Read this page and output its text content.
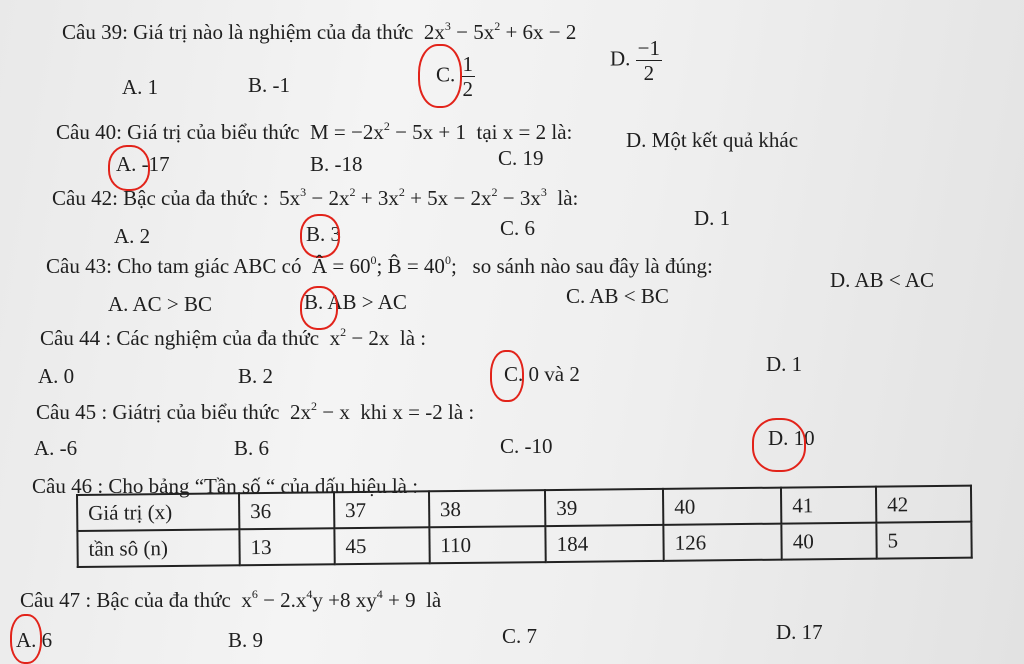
Câu 39: Giá trị nào là nghiệm của đa thức  $2x^3 - 5x^2 + 6x - 2$
A. 1	B. -1	C. $\frac{1}{2}$	D. $\frac{-1}{2}$
Câu 40: Giá trị của biểu thức  $M = -2x^2 - 5x + 1$  tại x = 2 là:
A. -17	B. -18	C. 19
D. Một kết quả khác
Câu 42: Bậc của đa thức :  $5x^3 - 2x^2 + 3x^2 + 5x - 2x^2 - 3x^3$ là:
A. 2	B. 3	C. 6	D. 1
Câu 43: Cho tam giác ABC có  Â = $60^0$; B̂ = $40^0$;   so sánh nào sau đây là đúng:
A. AC > BC	B. AB > AC	C. AB < BC
D. AB < AC
Câu 44 : Các nghiệm của đa thức  $x^2 - 2x$  là :
A. 0	B. 2	C. 0 và 2	D. 1
Câu 45 : Giátrị của biểu thức  $2x^2 - x$  khi x = -2 là :
A. -6	B. 6	C. -10	D. 10
Câu 46 : Cho bảng “Tần số “ của dấu hiệu là :
Giá trị (x)	36	37	38	39	40	41	42
tần sô (n)	13	45	110	184	126	40	5
Câu 47 : Bậc của đa thức  $x^6 - 2.x^4y +8$ $xy^4 + 9$  là
A. 6	B. 9	C. 7	D. 17
